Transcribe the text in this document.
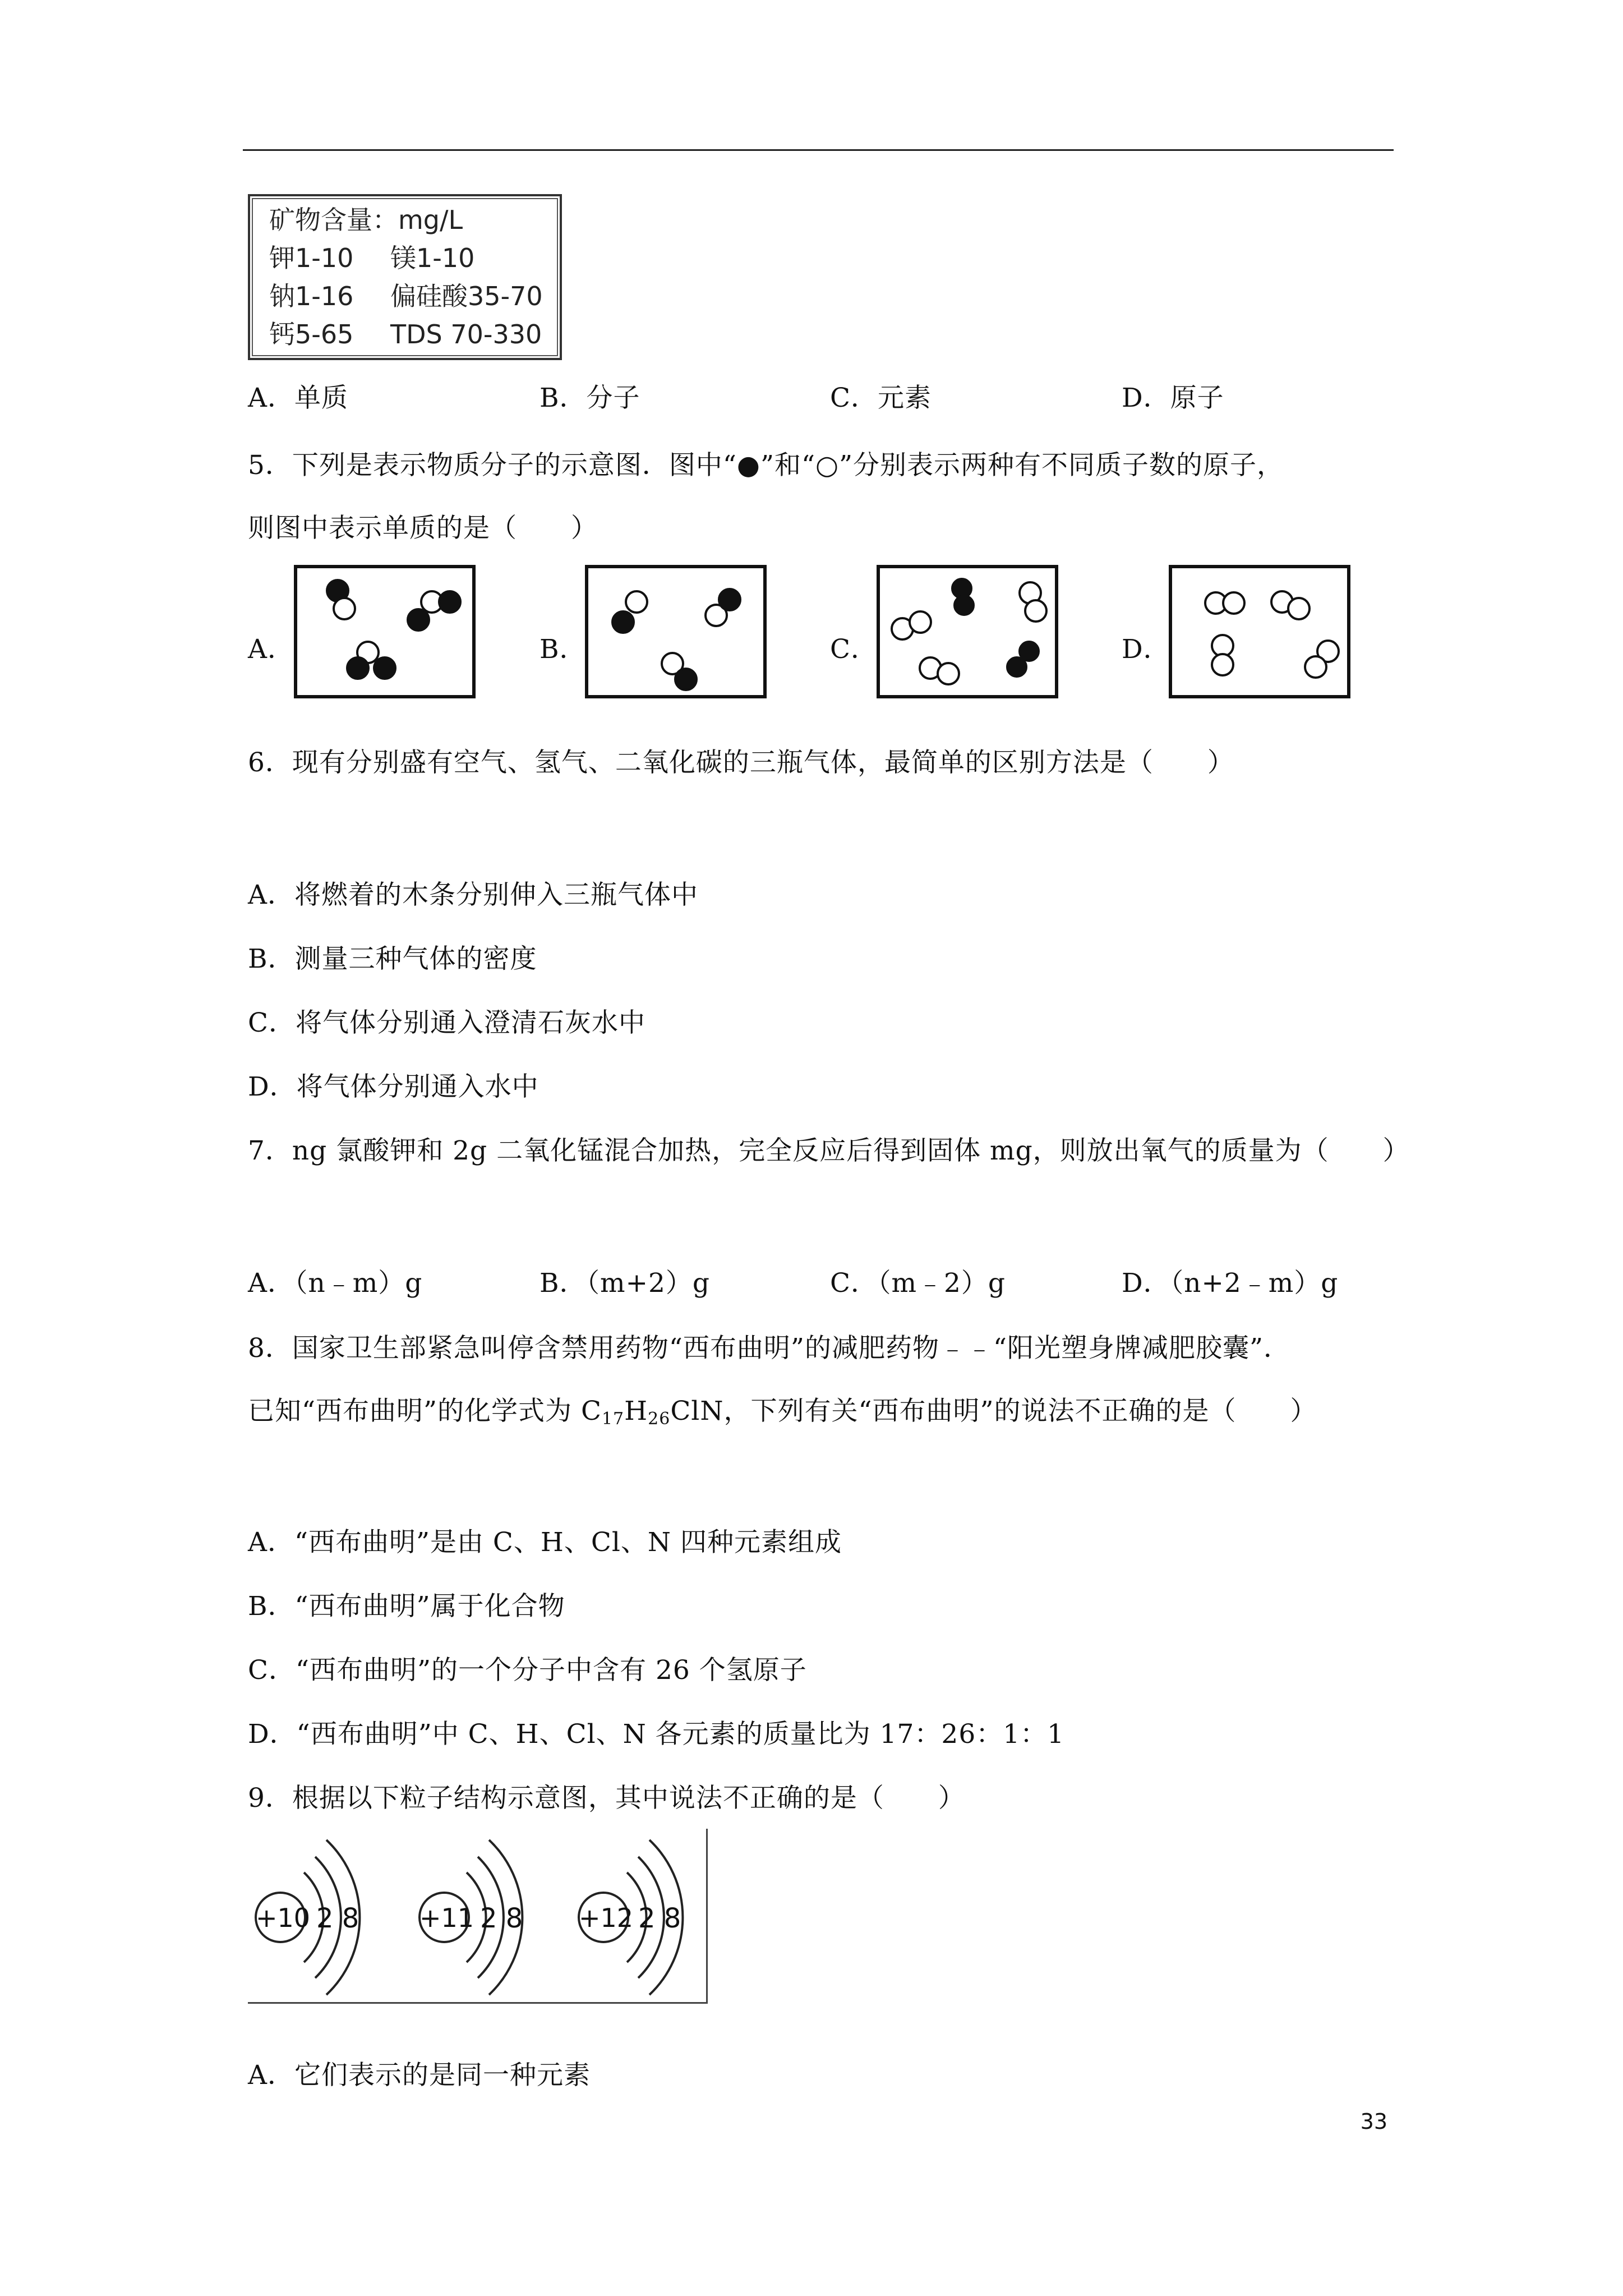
矿物含量：mg/L
钾1-10 镁1-10
钠1-16 偏硅酸35-70
钙5-65 TDS 70-330
A．单质	B．分子	C．元素	D．原子
5．下列是表示物质分子的示意图．图中“●”和“○”分别表示两种有不同质子数的原子，
则图中表示单质的是（　　）
A．	B．	C．	D．
6．现有分别盛有空气、氢气、二氧化碳的三瓶气体，最简单的区别方法是（　　）
A．将燃着的木条分别伸入三瓶气体中
B．测量三种气体的密度
C．将气体分别通入澄清石灰水中
D．将气体分别通入水中
7．ng 氯酸钾和 2g 二氧化锰混合加热，完全反应后得到固体 mg，则放出氧气的质量为（　　）
A．（n﹣m）g	B．（m+2）g	C．（m﹣2）g	D．（n+2﹣m）g
8．国家卫生部紧急叫停含禁用药物“西布曲明”的减肥药物﹣﹣“阳光塑身牌减肥胶囊”．
已知“西布曲明”的化学式为 $C_{17}H_{26}ClN$，下列有关“西布曲明”的说法不正确的是（　　）
A．“西布曲明”是由 C、H、Cl、N 四种元素组成
B．“西布曲明”属于化合物
C．“西布曲明”的一个分子中含有 26 个氢原子
D．“西布曲明”中 C、H、Cl、N 各元素的质量比为 17：26：1：1
9．根据以下粒子结构示意图，其中说法不正确的是（　　）
+10 2 8 +11 2 8 +12 2 8
A．它们表示的是同一种元素
33
